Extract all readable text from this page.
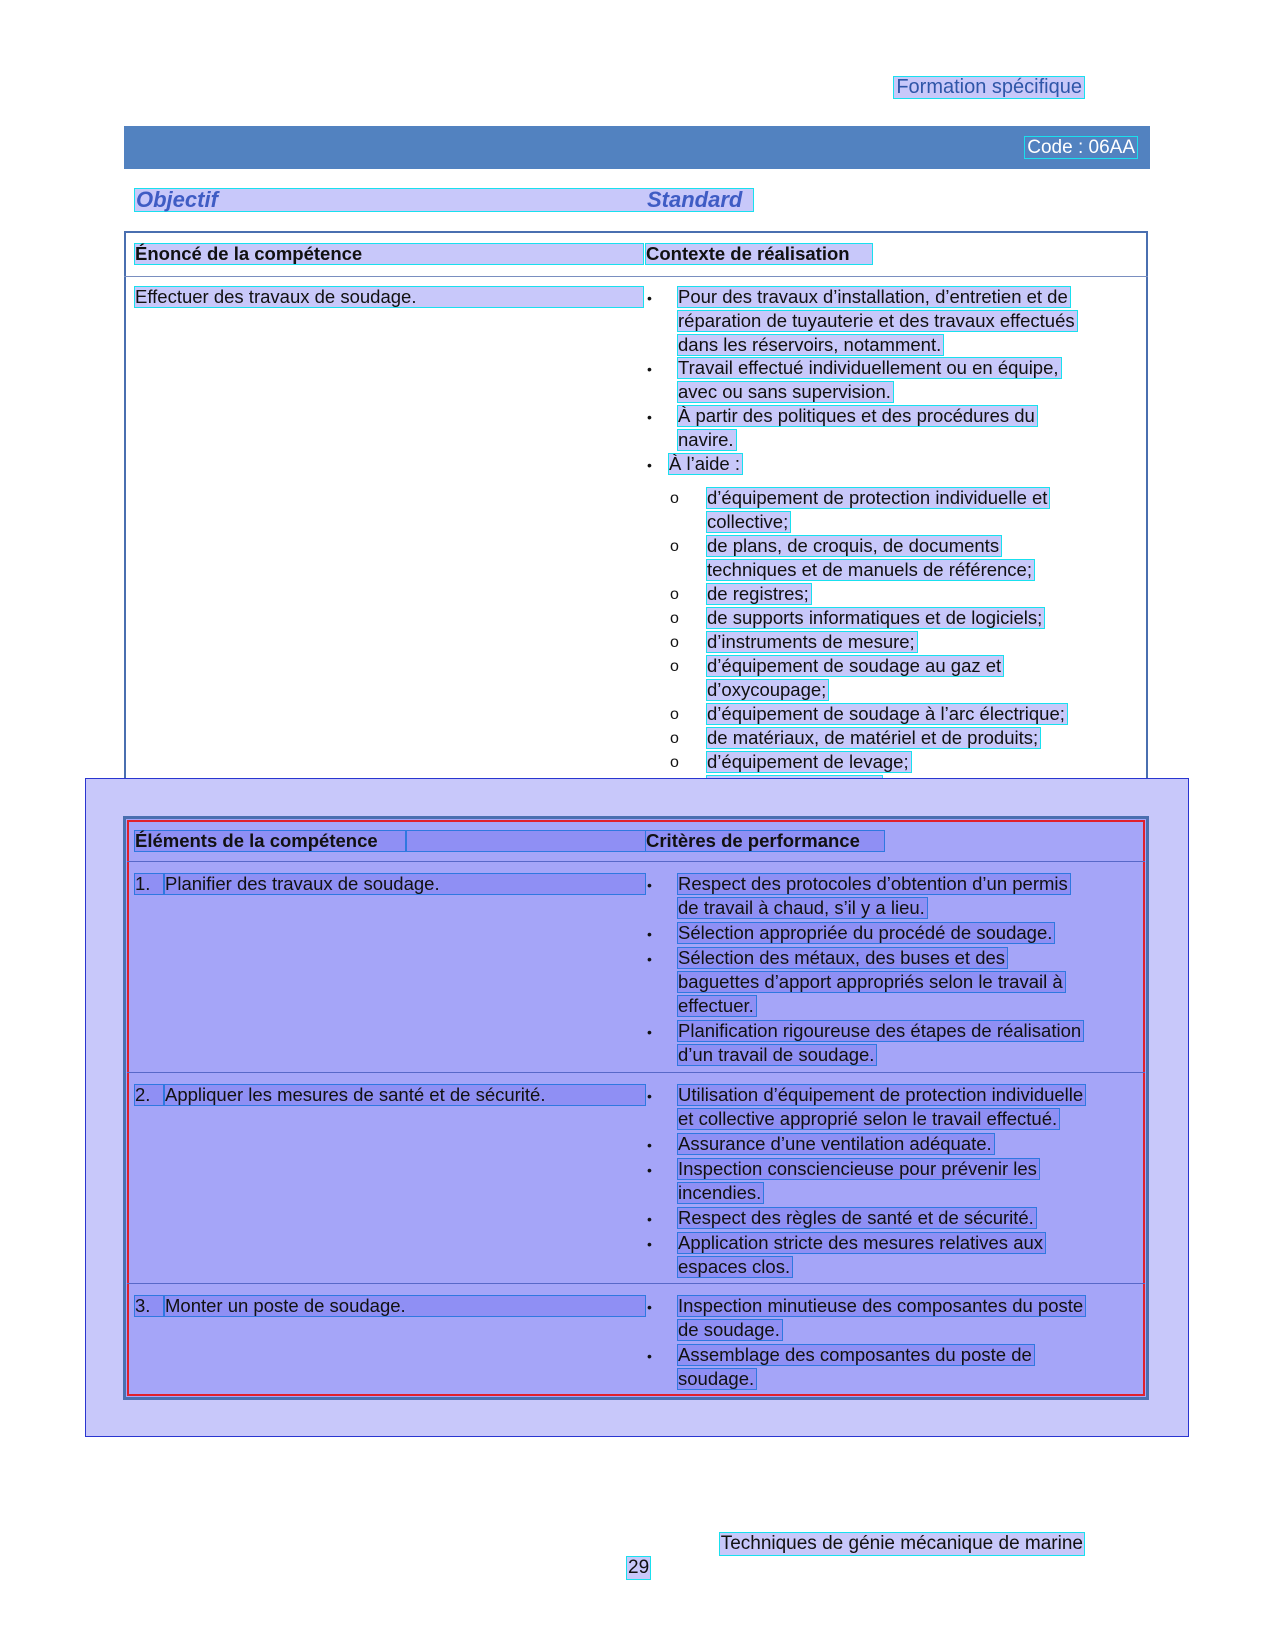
Formation spécifique
Code : 06AA
Objectif	Standard
Énoncé de la compétence	Contexte de réalisation
Effectuer des travaux de soudage.	• Pour des travaux d’installation, d’entretien et de
réparation de tuyauterie et des travaux effectués
dans les réservoirs, notamment.
• Travail effectué individuellement ou en équipe,
avec ou sans supervision.
• À partir des politiques et des procédures du
navire.
• À l’aide :
o d’équipement de protection individuelle et
collective;
o de plans, de croquis, de documents
techniques et de manuels de référence;
o de registres;
o de supports informatiques et de logiciels;
o d’instruments de mesure;
o d’équipement de soudage au gaz et
d’oxycoupage;
o d’équipement de soudage à l’arc électrique;
o de matériaux, de matériel et de produits;
o d’équipement de levage;
Éléments de la compétence	Critères de performance
1. Planifier des travaux de soudage.	• Respect des protocoles d’obtention d’un permis
de travail à chaud, s’il y a lieu.
• Sélection appropriée du procédé de soudage.
• Sélection des métaux, des buses et des
baguettes d’apport appropriés selon le travail à
effectuer.
• Planification rigoureuse des étapes de réalisation
d’un travail de soudage.
2. Appliquer les mesures de santé et de sécurité.	• Utilisation d’équipement de protection individuelle
et collective approprié selon le travail effectué.
• Assurance d’une ventilation adéquate.
• Inspection consciencieuse pour prévenir les
incendies.
• Respect des règles de santé et de sécurité.
• Application stricte des mesures relatives aux
espaces clos.
3. Monter un poste de soudage.	• Inspection minutieuse des composantes du poste
de soudage.
• Assemblage des composantes du poste de
soudage.
Techniques de génie mécanique de marine
29
